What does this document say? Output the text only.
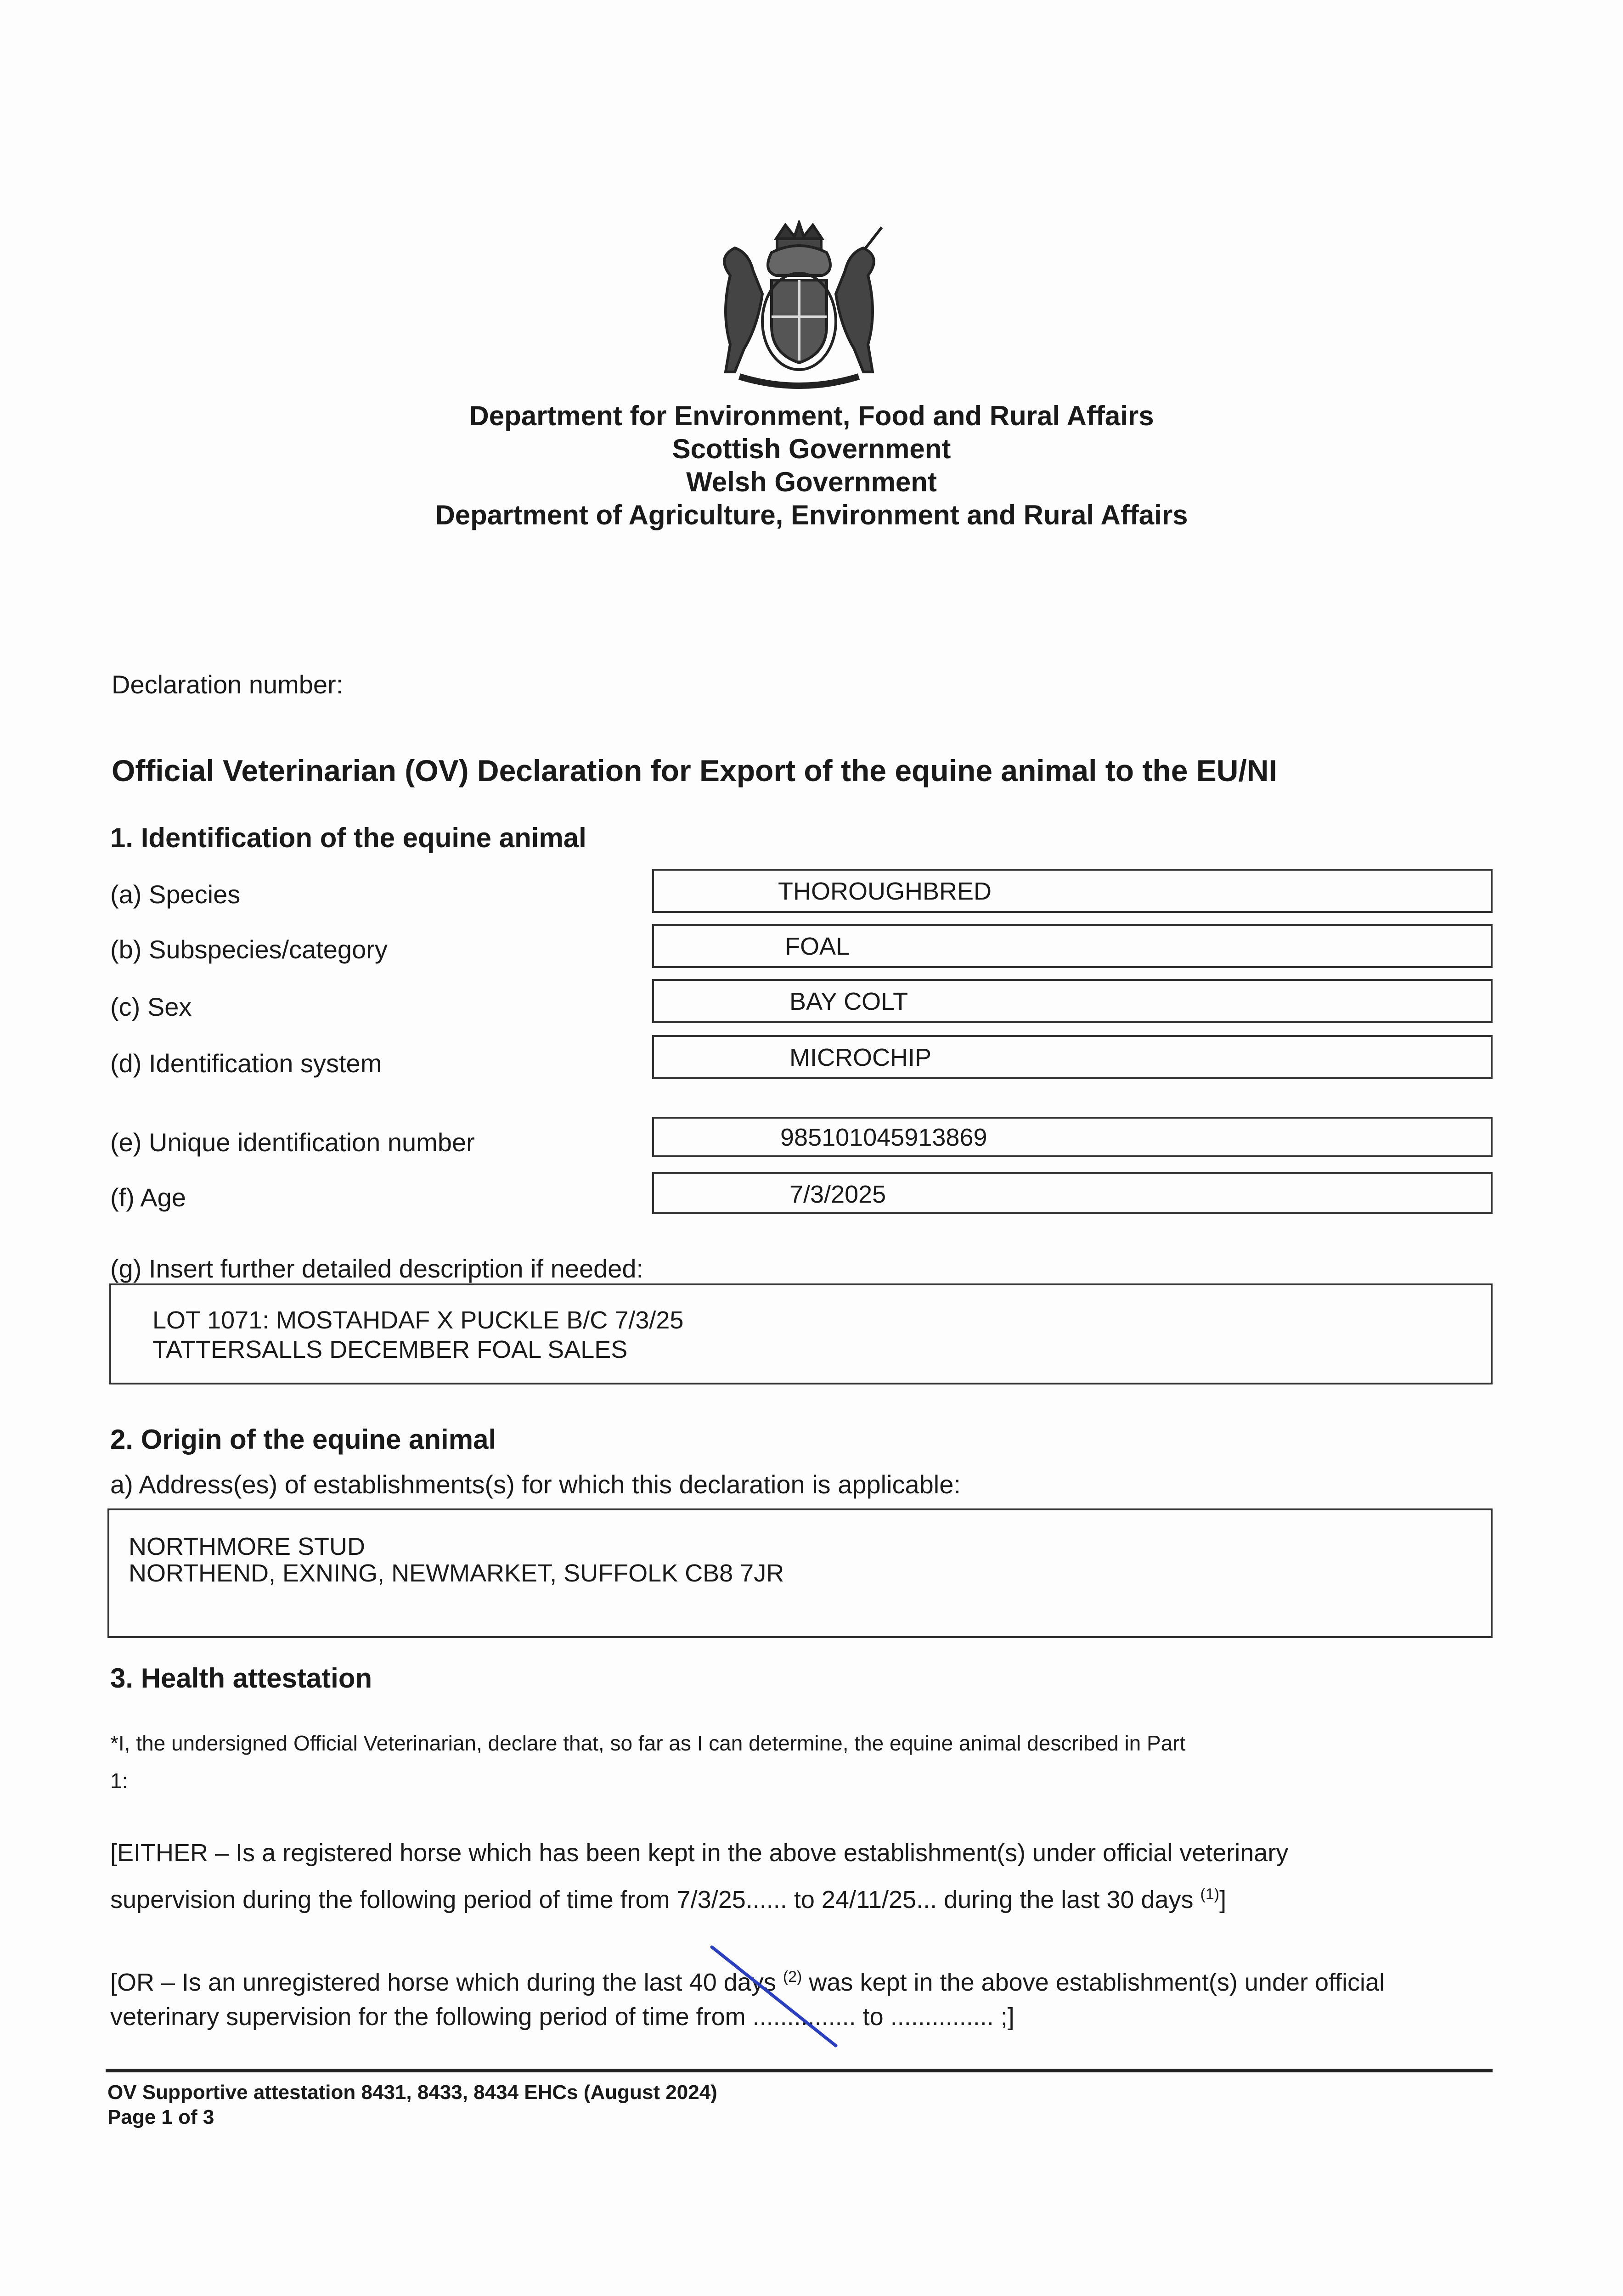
Department for Environment, Food and Rural Affairs
Scottish Government
Welsh Government
Department of Agriculture, Environment and Rural Affairs
Declaration number:
Official Veterinarian (OV) Declaration for Export of the equine animal to the EU/NI
1. Identification of the equine animal
(a) Species	THOROUGHBRED
(b) Subspecies/category	FOAL
(c) Sex	BAY COLT
(d) Identification system	MICROCHIP
(e) Unique identification number	985101045913869
(f) Age	7/3/2025
(g) Insert further detailed description if needed:
LOT 1071: MOSTAHDAF X PUCKLE B/C 7/3/25
TATTERSALLS DECEMBER FOAL SALES
2. Origin of the equine animal
a) Address(es) of establishments(s) for which this declaration is applicable:
NORTHMORE STUD
NORTHEND, EXNING, NEWMARKET, SUFFOLK CB8 7JR
3. Health attestation
*I, the undersigned Official Veterinarian, declare that, so far as I can determine, the equine animal described in Part
1:
[EITHER – Is a registered horse which has been kept in the above establishment(s) under official veterinary
supervision during the following period of time from 7/3/25...... to 24/11/25... during the last 30 days $^{(1)}$]
[OR – Is an unregistered horse which during the last 40 days $^{(2)}$ was kept in the above establishment(s) under official
veterinary supervision for the following period of time from ............... to ............... ;]
OV Supportive attestation 8431, 8433, 8434 EHCs (August 2024)
Page 1 of 3
